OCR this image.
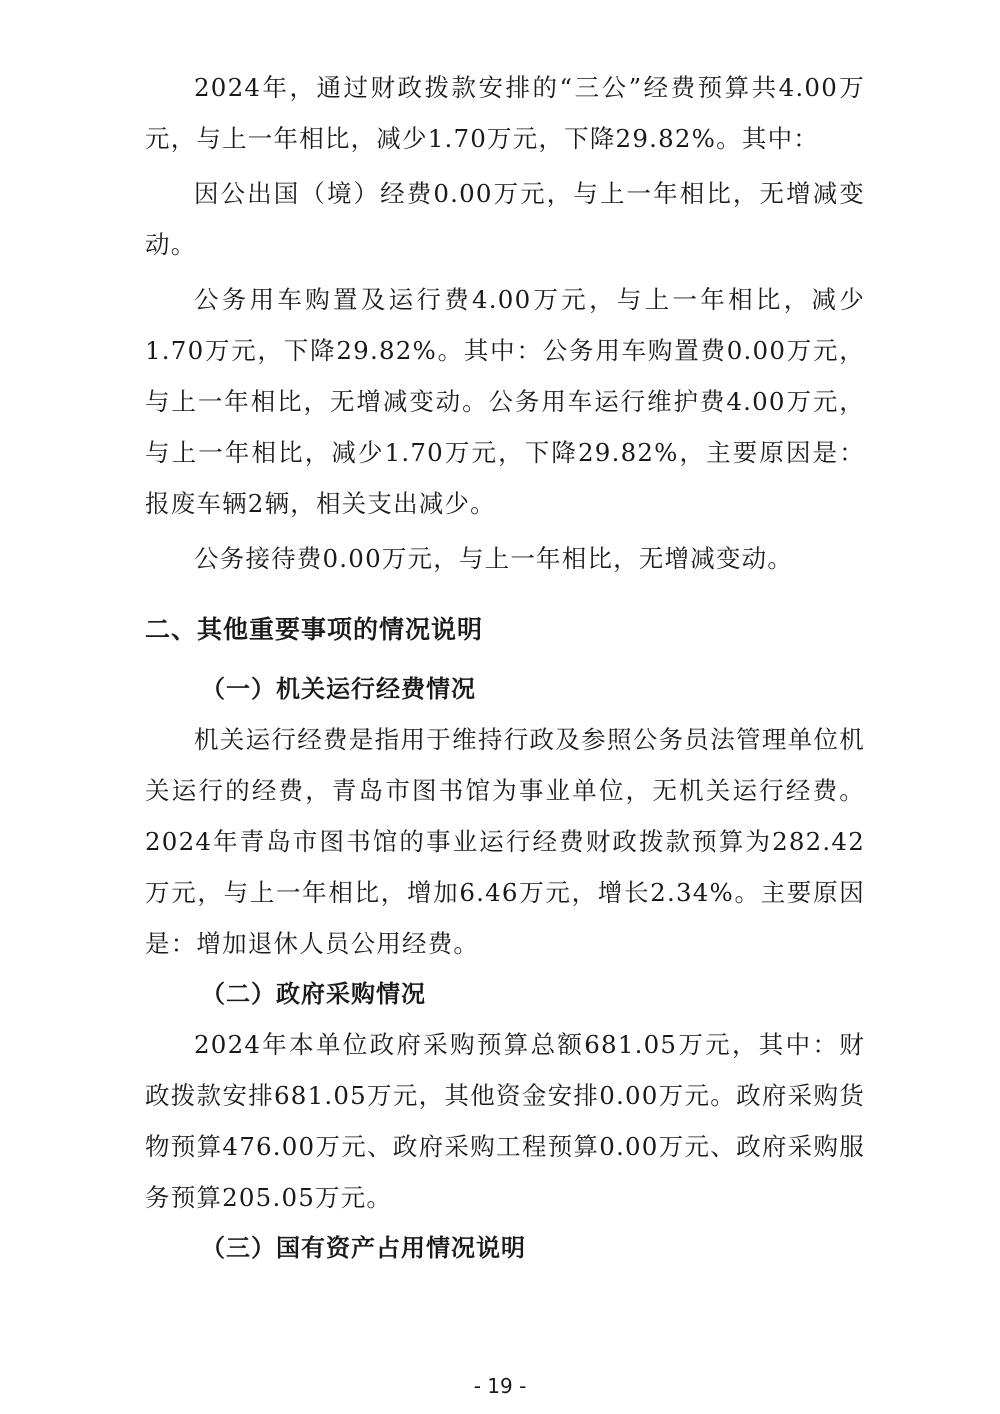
2024年，通过财政拨款安排的“三公”经费预算共4.00万元，与上一年相比，减少1.70万元，下降29.82%。其中：

因公出国（境）经费0.00万元，与上一年相比，无增减变动。

公务用车购置及运行费4.00万元，与上一年相比，减少1.70万元，下降29.82%。其中：公务用车购置费0.00万元，与上一年相比，无增减变动。公务用车运行维护费4.00万元，与上一年相比，减少1.70万元，下降29.82%，主要原因是：报废车辆2辆，相关支出减少。

公务接待费0.00万元，与上一年相比，无增减变动。

二、其他重要事项的情况说明
（一）机关运行经费情况

机关运行经费是指用于维持行政及参照公务员法管理单位机关运行的经费，青岛市图书馆为事业单位，无机关运行经费。2024年青岛市图书馆的事业运行经费财政拨款预算为282.42万元，与上一年相比，增加6.46万元，增长2.34%。主要原因是：增加退休人员公用经费。

（二）政府采购情况

2024年本单位政府采购预算总额681.05万元，其中：财政拨款安排681.05万元，其他资金安排0.00万元。政府采购货物预算476.00万元、政府采购工程预算0.00万元、政府采购服务预算205.05万元。

（三）国有资产占用情况说明
- 19 -
